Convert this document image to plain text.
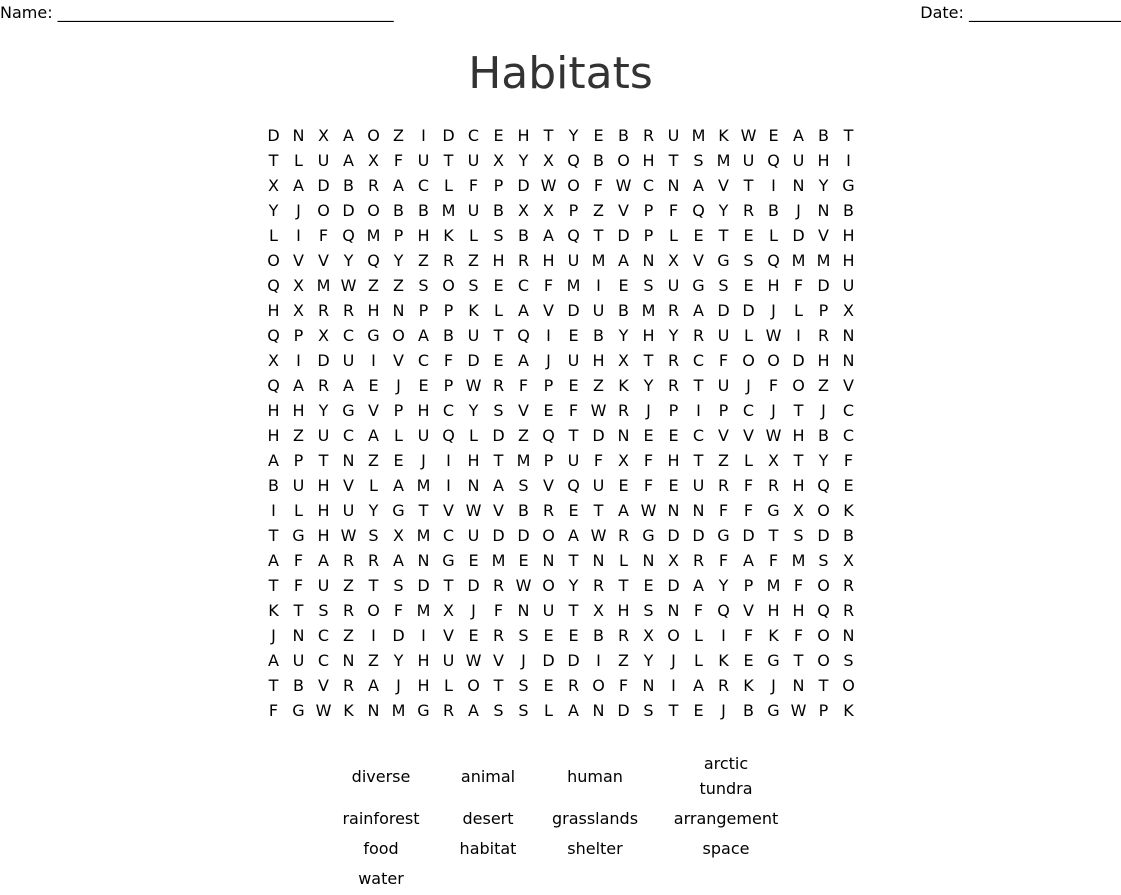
Name: __________________________________________	Date: ___________________
Habitats
D N X A O Z	I	D C E H T Y E B R U M K W E A B T
T L U A X F U T U X Y X Q B O H T S M U Q U H	I
X A D B R A C L F P D W O F W C N A V T	I	N Y G
Y	J	O D O B B M U B X X P Z V P F Q Y R B	J	N B
L	I	F Q M P H K L S B A Q T D P L E T E L D V H
O V V Y Q Y Z R Z H R H U M A N X V G S Q M M H
Q X M W Z Z S O S E C F M I	E S U G S E H F D U
H X R R H N P P K L A V D U B M R A D D	J	L P X
Q P X C G O A B U T Q	I	E B Y H Y R U L W I	R N
X	I	D U	I	V C F D E A	J	U H X T R C F O O D H N
Q A R A E	J	E P W R F P E Z K Y R T U	J	F O Z V
H H Y G V P H C Y S V E F W R	J	P	I	P C	J	T	J	C
H Z U C A L U Q L D Z Q T D N E E C V V W H B C
A P T N Z E	J	I	H T M P U F X F H T Z L X T Y F
B U H V L A M I	N A S V Q U E F E U R F R H Q E
I	L H U Y G T V W V B R E T A W N N F F G X O K
T G H W S X M C U D D O A W R G D D G D T S D B
A F A R R A N G E M E N T N L N X R F A F M S X
T F U Z T S D T D R W O Y R T E D A Y P M F O R
K T S R O F M X	J	F N U T X H S N F Q V H H Q R
J	N C Z	I	D	I	V E R S E E B R X O L	I	F K F O N
A U C N Z Y H U W V	J	D D	I	Z Y	J	L K E G T O S
T B V R A	J	H L O T S E R O F N	I	A R K	J	N T O
F G W K N M G R A S S L A N D S T E	J	B G W P K
diverse	animal	human
arctic
tundra
rainforest	desert grasslands arrangement
food	habitat	shelter	space
water
